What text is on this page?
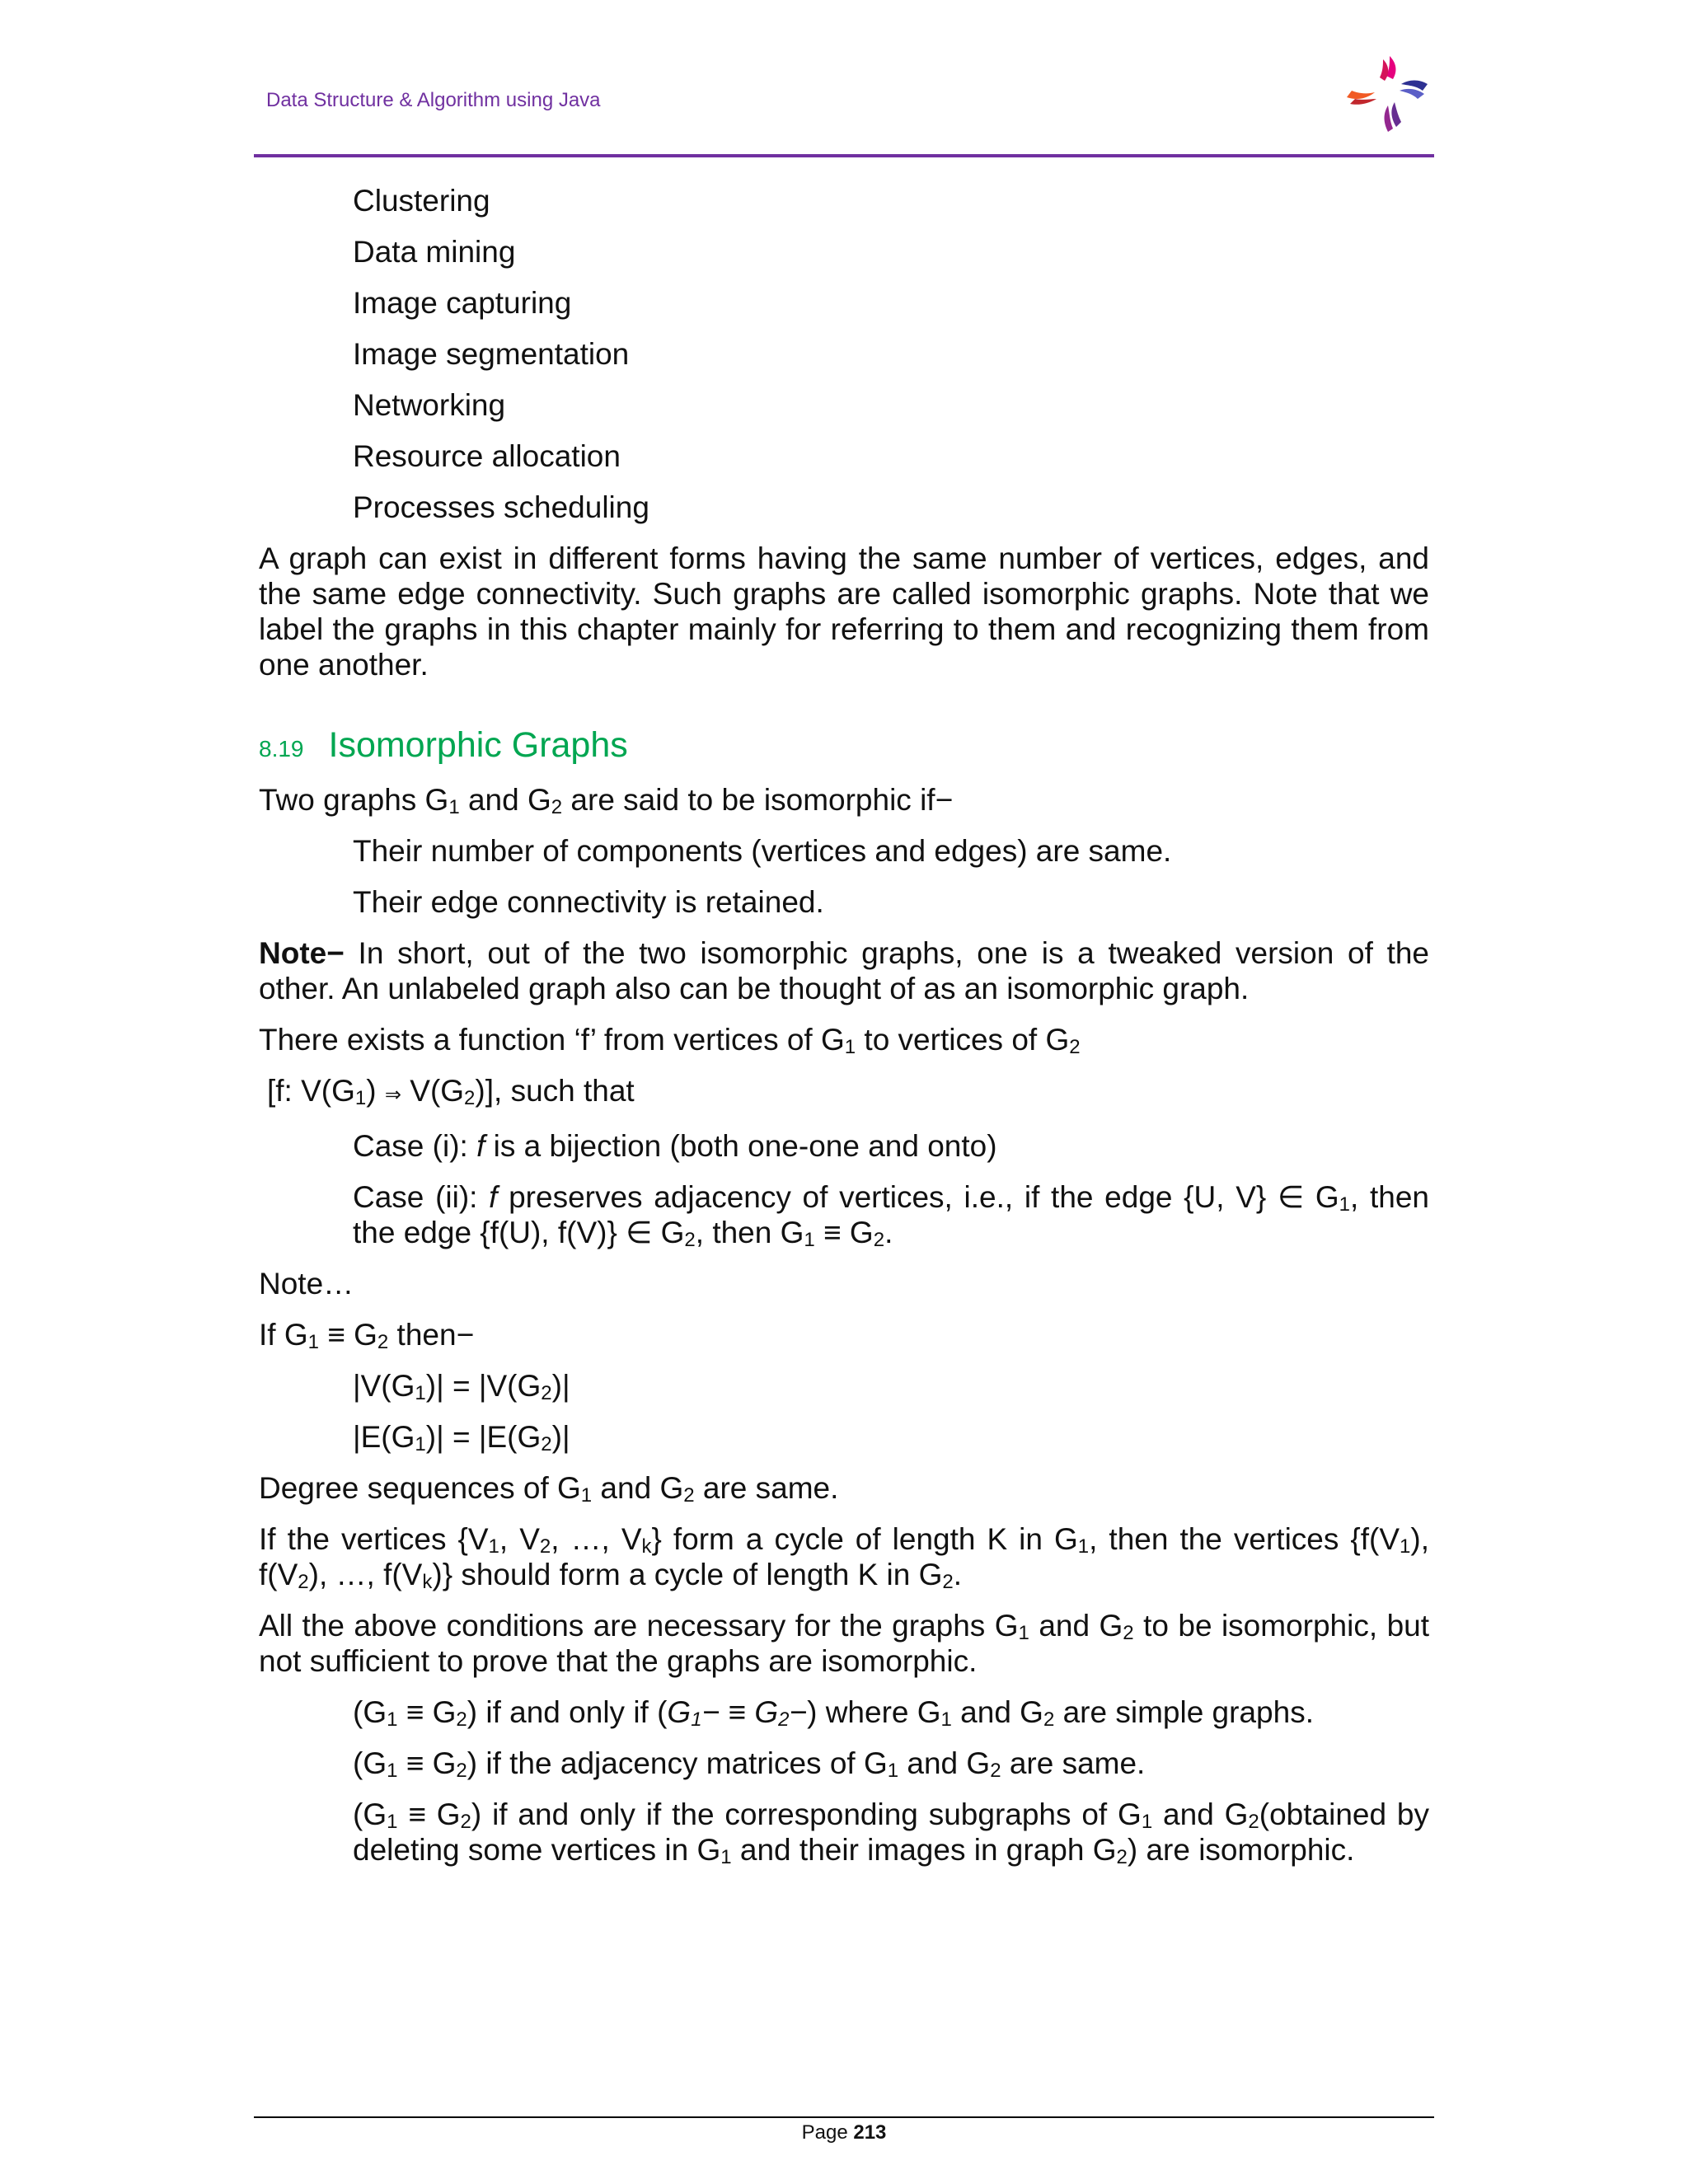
Data Structure & Algorithm using Java

Clustering

Data mining

Image capturing

Image segmentation

Networking

Resource allocation

Processes scheduling

A graph can exist in different forms having the same number of vertices, edges, and the same edge connectivity. Such graphs are called isomorphic graphs. Note that we label the graphs in this chapter mainly for referring to them and recognizing them from one another.

8.19 Isomorphic Graphs

Two graphs $G_1$ and $G_2$ are said to be isomorphic if−

Their number of components (vertices and edges) are same.

Their edge connectivity is retained.

Note− In short, out of the two isomorphic graphs, one is a tweaked version of the other. An unlabeled graph also can be thought of as an isomorphic graph.

There exists a function ‘f’ from vertices of $G_1$ to vertices of $G_2$

[f: $V(G_1)$ ⇒ $V(G_2)$], such that

Case (i): f is a bijection (both one-one and onto)

Case (ii): f preserves adjacency of vertices, i.e., if the edge {U, V} ∈ $G_1$, then the edge {f(U), f(V)} ∈ $G_2$, then $G_1 \equiv G_2$.

Note…

If $G_1 \equiv G_2$ then−

$|V(G_1)| = |V(G_2)|$

$|E(G_1)| = |E(G_2)|$

Degree sequences of $G_1$ and $G_2$ are same.

If the vertices {$V_1$, $V_2$, …, $V_k$} form a cycle of length K in $G_1$, then the vertices {$f(V_1)$, $f(V_2)$, …, $f(V_k)$} should form a cycle of length K in $G_2$.

All the above conditions are necessary for the graphs $G_1$ and $G_2$ to be isomorphic, but not sufficient to prove that the graphs are isomorphic.

$(G_1 \equiv G_2)$ if and only if $(G_1- \equiv G_2-)$ where $G_1$ and $G_2$ are simple graphs.

$(G_1 \equiv G_2)$ if the adjacency matrices of $G_1$ and $G_2$ are same.

$(G_1 \equiv G_2)$ if and only if the corresponding subgraphs of $G_1$ and $G_2(obtained$ by deleting some vertices in $G_1$ and their images in graph $G_2$) are isomorphic.

Page 213
